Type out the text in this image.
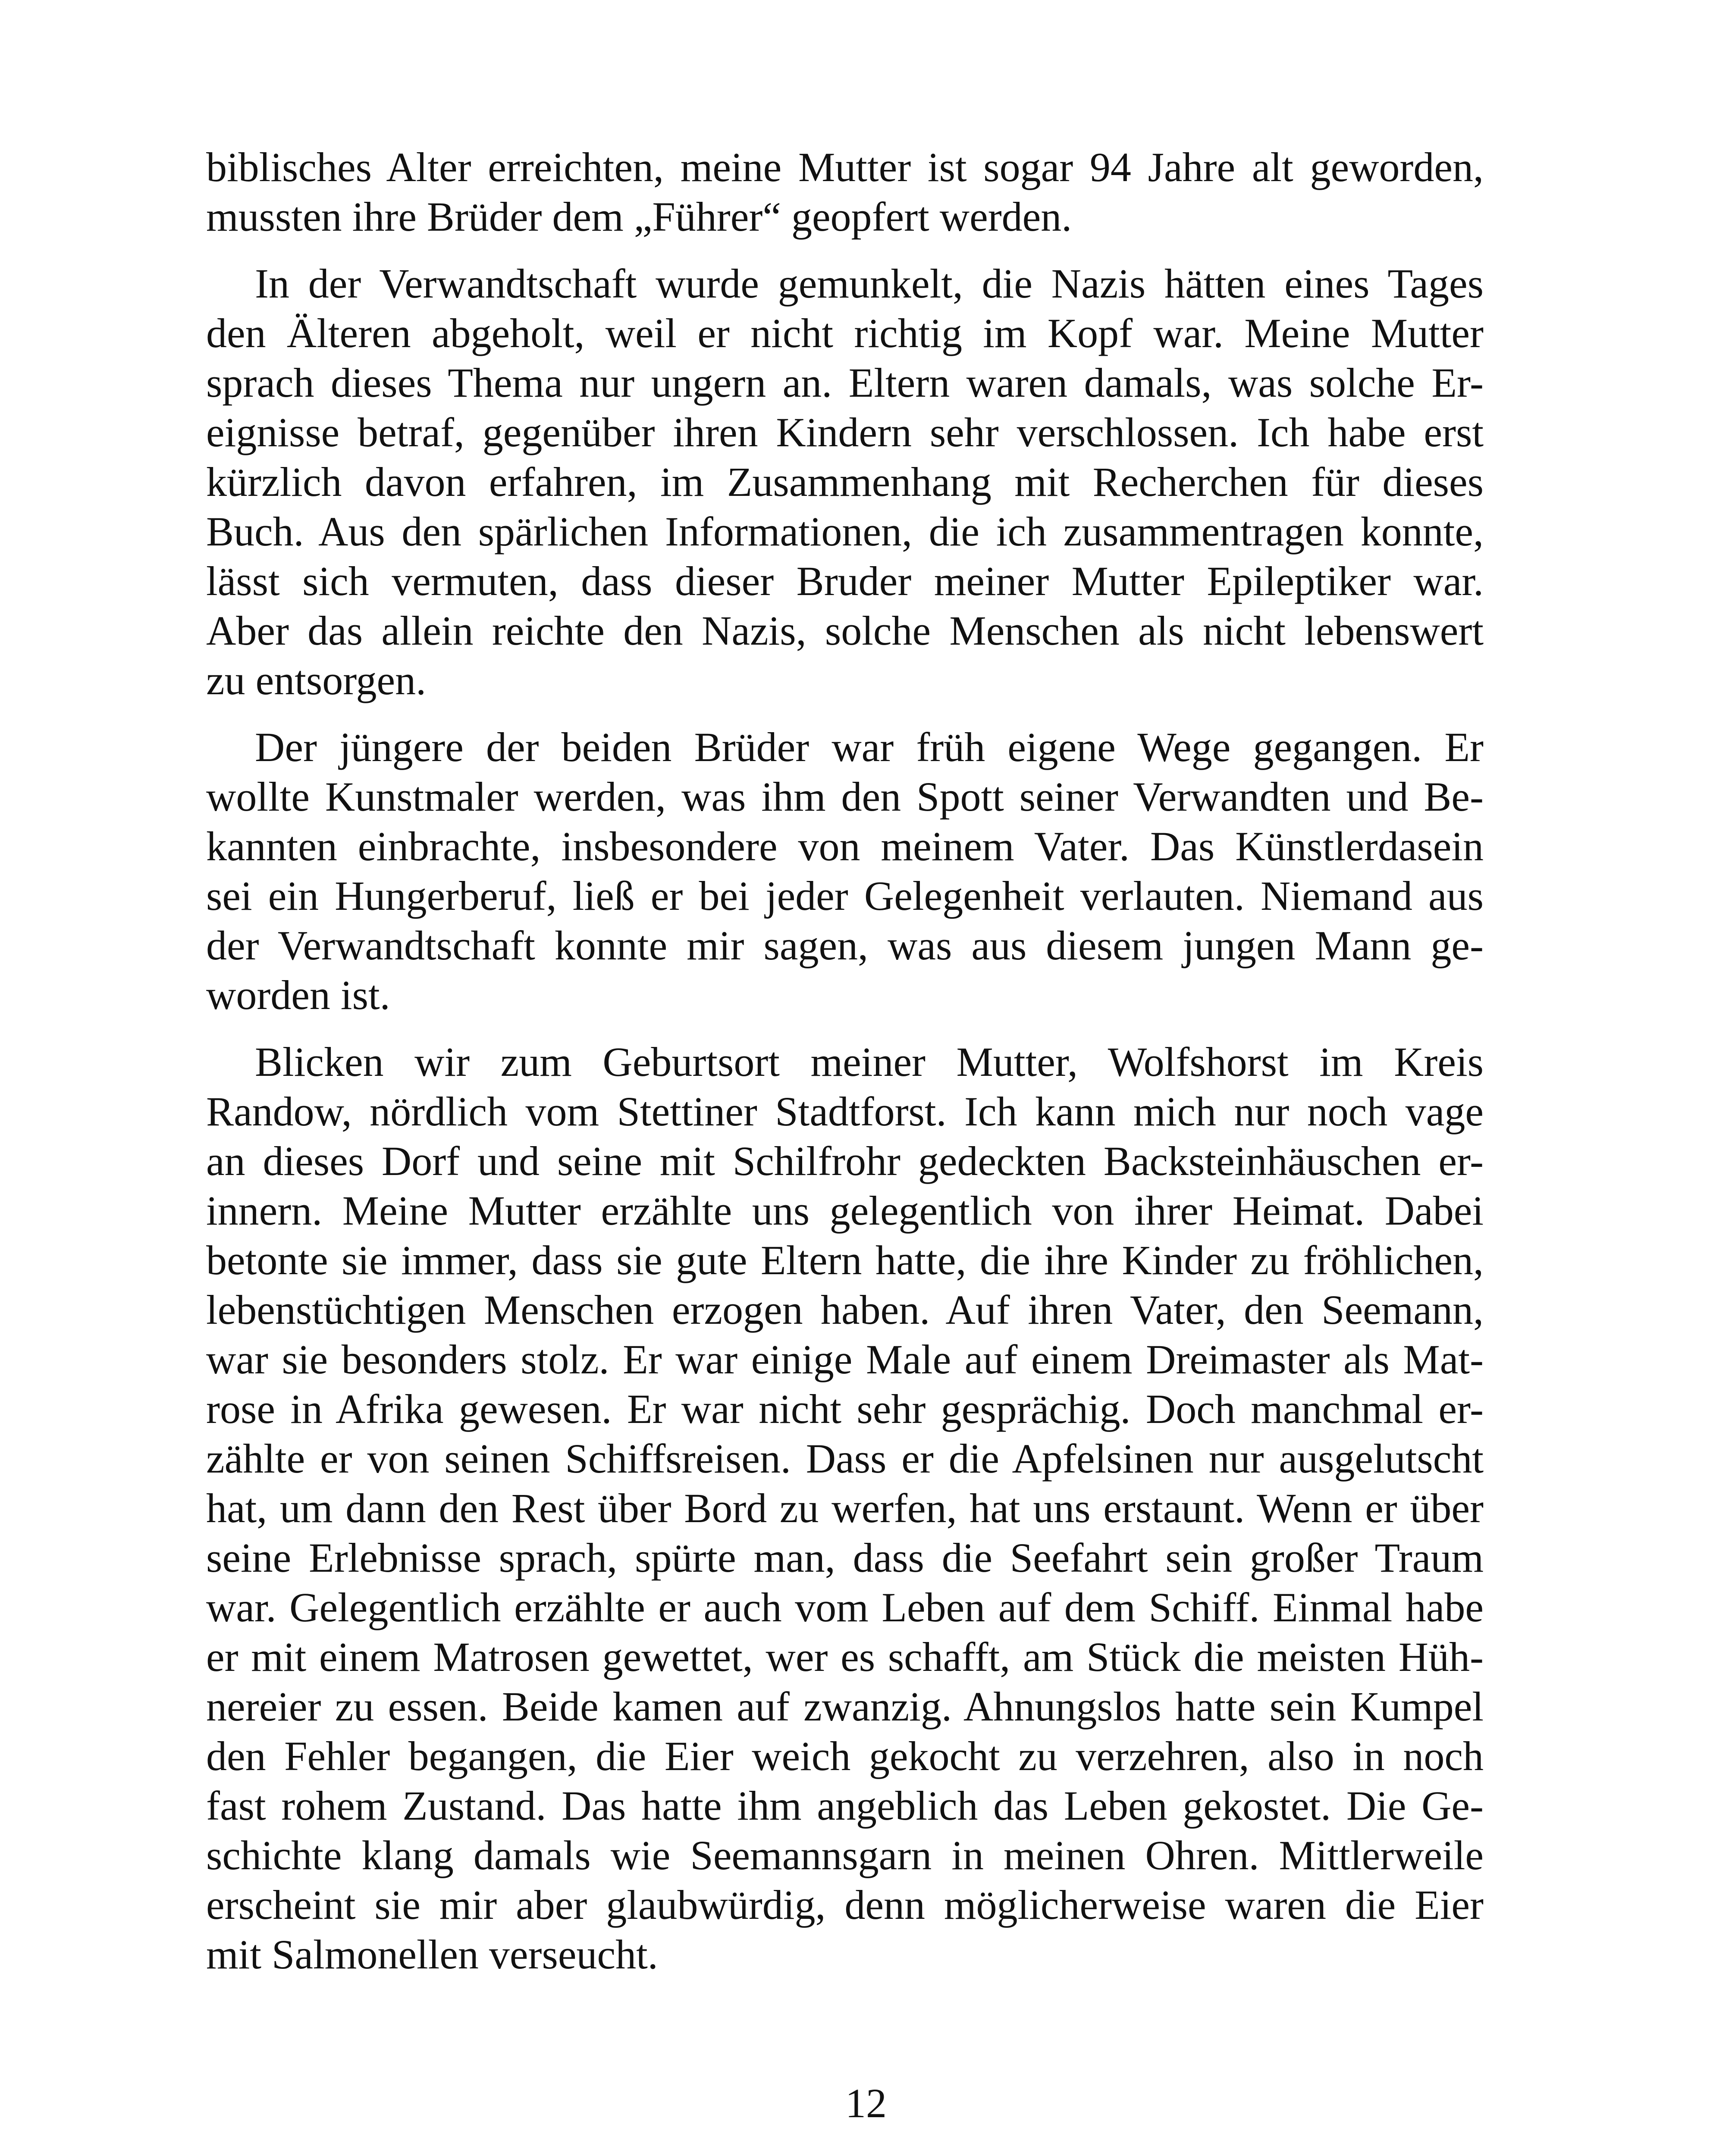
biblisches Alter erreichten, meine Mutter ist sogar 94 Jahre alt geworden,
mussten ihre Brüder dem „Führer“ geopfert werden.
In der Verwandtschaft wurde gemunkelt, die Nazis hätten eines Tages
den Älteren abgeholt, weil er nicht richtig im Kopf war. Meine Mutter
sprach dieses Thema nur ungern an. Eltern waren damals, was solche Er-
eignisse betraf, gegenüber ihren Kindern sehr verschlossen. Ich habe erst
kürzlich davon erfahren, im Zusammenhang mit Recherchen für dieses
Buch. Aus den spärlichen Informationen, die ich zusammentragen konnte,
lässt sich vermuten, dass dieser Bruder meiner Mutter Epileptiker war.
Aber das allein reichte den Nazis, solche Menschen als nicht lebenswert
zu entsorgen.
Der jüngere der beiden Brüder war früh eigene Wege gegangen. Er
wollte Kunstmaler werden, was ihm den Spott seiner Verwandten und Be-
kannten einbrachte, insbesondere von meinem Vater. Das Künstlerdasein
sei ein Hungerberuf, ließ er bei jeder Gelegenheit verlauten. Niemand aus
der Verwandtschaft konnte mir sagen, was aus diesem jungen Mann ge-
worden ist.
Blicken wir zum Geburtsort meiner Mutter, Wolfshorst im Kreis
Randow, nördlich vom Stettiner Stadtforst. Ich kann mich nur noch vage
an dieses Dorf und seine mit Schilfrohr gedeckten Backsteinhäuschen er-
innern. Meine Mutter erzählte uns gelegentlich von ihrer Heimat. Dabei
betonte sie immer, dass sie gute Eltern hatte, die ihre Kinder zu fröhlichen,
lebenstüchtigen Menschen erzogen haben. Auf ihren Vater, den Seemann,
war sie besonders stolz. Er war einige Male auf einem Dreimaster als Mat-
rose in Afrika gewesen. Er war nicht sehr gesprächig. Doch manchmal er-
zählte er von seinen Schiffsreisen. Dass er die Apfelsinen nur ausgelutscht
hat, um dann den Rest über Bord zu werfen, hat uns erstaunt. Wenn er über
seine Erlebnisse sprach, spürte man, dass die Seefahrt sein großer Traum
war. Gelegentlich erzählte er auch vom Leben auf dem Schiff. Einmal habe
er mit einem Matrosen gewettet, wer es schafft, am Stück die meisten Hüh-
nereier zu essen. Beide kamen auf zwanzig. Ahnungslos hatte sein Kumpel
den Fehler begangen, die Eier weich gekocht zu verzehren, also in noch
fast rohem Zustand. Das hatte ihm angeblich das Leben gekostet. Die Ge-
schichte klang damals wie Seemannsgarn in meinen Ohren. Mittlerweile
erscheint sie mir aber glaubwürdig, denn möglicherweise waren die Eier
mit Salmonellen verseucht.
12
